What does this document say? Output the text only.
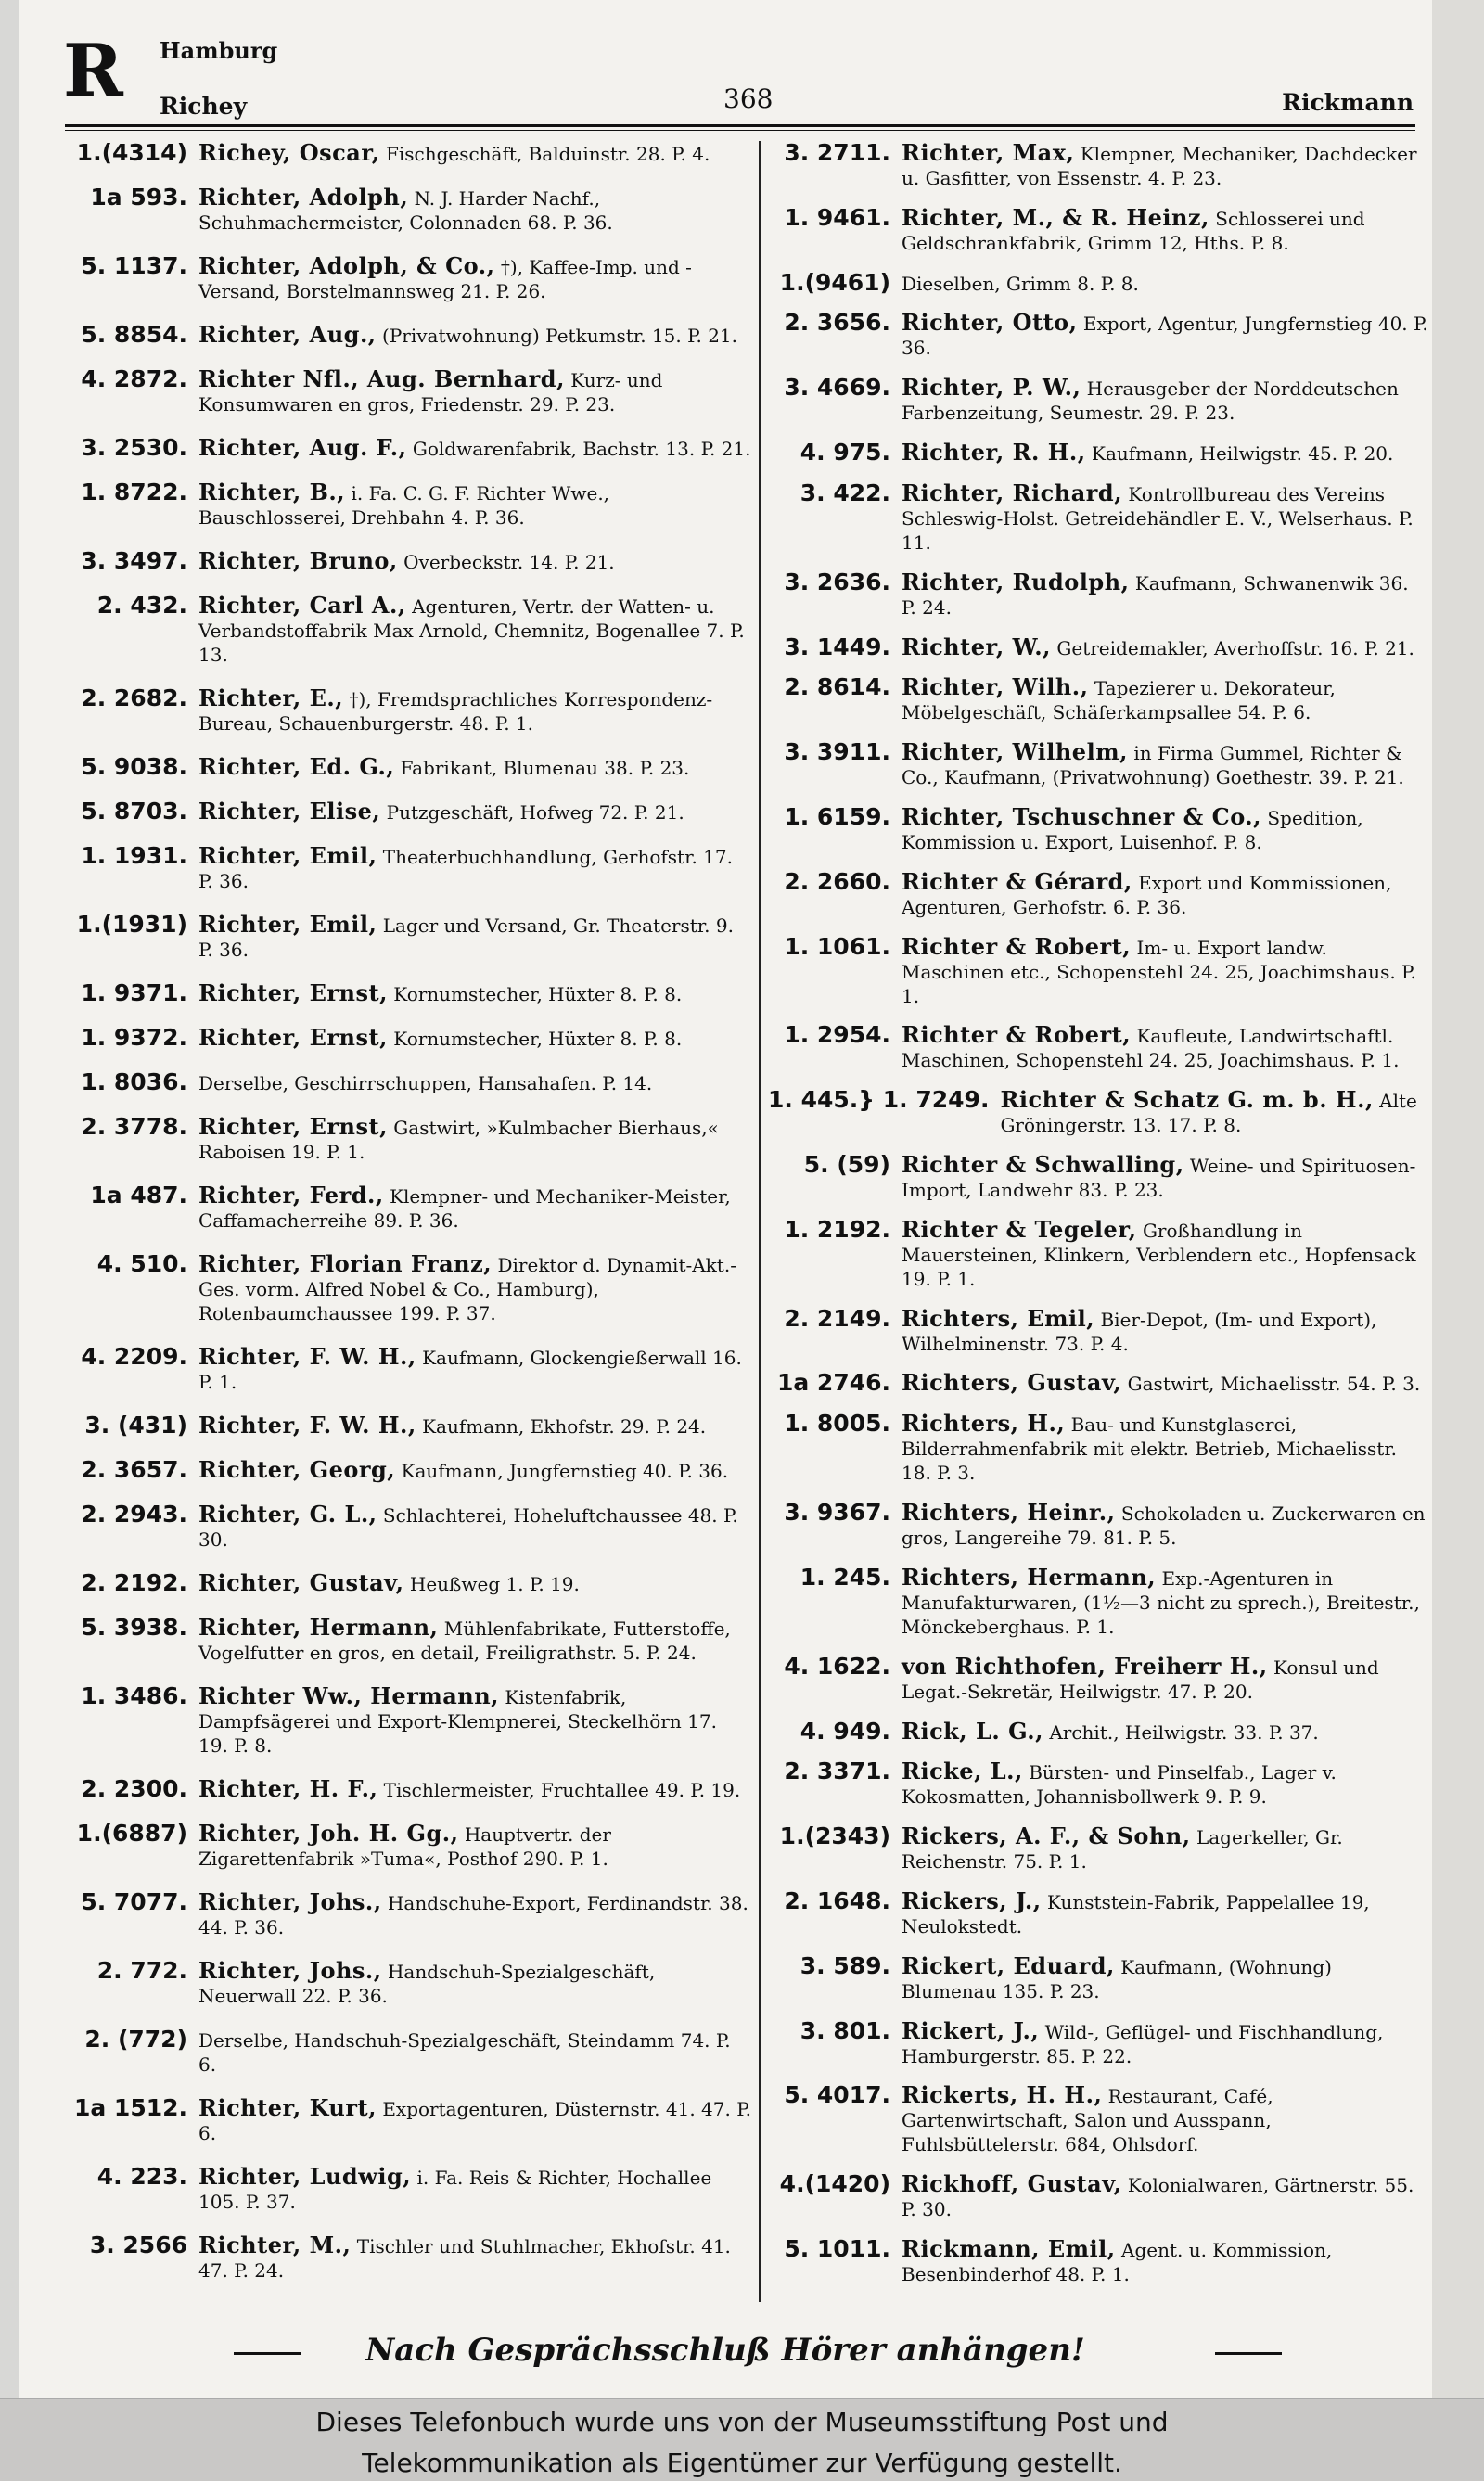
R Hamburg
Richey	368	Rickmann
1.(4314) Richey, Oscar, Fischgeschäft, Balduinstr. 28. P. 4.
1a 593. Richter, Adolph, N. J. Harder Nachf., Schuhmachermeister, Colonnaden 68. P. 36.
5. 1137. Richter, Adolph, & Co., †), Kaffee-Imp. und -Versand, Borstelmannsweg 21. P. 26.
5. 8854. Richter, Aug., (Privatwohnung) Petkumstr. 15. P. 21.
4. 2872. Richter Nfl., Aug. Bernhard, Kurz- und Konsumwaren en gros, Friedenstr. 29. P. 23.
3. 2530. Richter, Aug. F., Goldwarenfabrik, Bachstr. 13. P. 21.
1. 8722. Richter, B., i. Fa. C. G. F. Richter Wwe., Bauschlosserei, Drehbahn 4. P. 36.
3. 3497. Richter, Bruno, Overbeckstr. 14. P. 21.
2. 432. Richter, Carl A., Agenturen, Vertr. der Watten- u. Verbandstoffabrik Max Arnold, Chemnitz, Bogenallee 7. P. 13.
2. 2682. Richter, E., †), Fremdsprachliches Korrespondenz-Bureau, Schauenburgerstr. 48. P. 1.
5. 9038. Richter, Ed. G., Fabrikant, Blumenau 38. P. 23.
5. 8703. Richter, Elise, Putzgeschäft, Hofweg 72. P. 21.
1. 1931. Richter, Emil, Theaterbuchhandlung, Gerhofstr. 17. P. 36.
1.(1931) Richter, Emil, Lager und Versand, Gr. Theaterstr. 9. P. 36.
1. 9371. Richter, Ernst, Kornumstecher, Hüxter 8. P. 8.
1. 9372. Richter, Ernst, Kornumstecher, Hüxter 8. P. 8.
1. 8036. Derselbe, Geschirrschuppen, Hansahafen. P. 14.
2. 3778. Richter, Ernst, Gastwirt, »Kulmbacher Bierhaus,« Raboisen 19. P. 1.
1a 487. Richter, Ferd., Klempner- und Mechaniker-Meister, Caffamacherreihe 89. P. 36.
4. 510. Richter, Florian Franz, Direktor d. Dynamit-Akt.-Ges. vorm. Alfred Nobel & Co., Hamburg), Rotenbaumchaussee 199. P. 37.
4. 2209. Richter, F. W. H., Kaufmann, Glockengießerwall 16. P. 1.
3. (431) Richter, F. W. H., Kaufmann, Ekhofstr. 29. P. 24.
2. 3657. Richter, Georg, Kaufmann, Jungfernstieg 40. P. 36.
2. 2943. Richter, G. L., Schlachterei, Hoheluftchaussee 48. P. 30.
2. 2192. Richter, Gustav, Heußweg 1. P. 19.
5. 3938. Richter, Hermann, Mühlenfabrikate, Futterstoffe, Vogelfutter en gros, en detail, Freiligrathstr. 5. P. 24.
1. 3486. Richter Ww., Hermann, Kistenfabrik, Dampfsägerei und Export-Klempnerei, Steckelhörn 17. 19. P. 8.
2. 2300. Richter, H. F., Tischlermeister, Fruchtallee 49. P. 19.
1.(6887) Richter, Joh. H. Gg., Hauptvertr. der Zigarettenfabrik »Tuma«, Posthof 290. P. 1.
5. 7077. Richter, Johs., Handschuhe-Export, Ferdinandstr. 38. 44. P. 36.
2. 772. Richter, Johs., Handschuh-Spezialgeschäft, Neuerwall 22. P. 36.
2. (772) Derselbe, Handschuh-Spezialgeschäft, Steindamm 74. P. 6.
1a 1512. Richter, Kurt, Exportagenturen, Düsternstr. 41. 47. P. 6.
4. 223. Richter, Ludwig, i. Fa. Reis & Richter, Hochallee 105. P. 37.
3. 2566 Richter, M., Tischler und Stuhlmacher, Ekhofstr. 41. 47. P. 24.
3. 2711. Richter, Max, Klempner, Mechaniker, Dachdecker u. Gasfitter, von Essenstr. 4. P. 23.
1. 9461. Richter, M., & R. Heinz, Schlosserei und Geldschrankfabrik, Grimm 12, Hths. P. 8.
1.(9461) Dieselben, Grimm 8. P. 8.
2. 3656. Richter, Otto, Export, Agentur, Jungfernstieg 40. P. 36.
3. 4669. Richter, P. W., Herausgeber der Norddeutschen Farbenzeitung, Seumestr. 29. P. 23.
4. 975. Richter, R. H., Kaufmann, Heilwigstr. 45. P. 20.
3. 422. Richter, Richard, Kontrollbureau des Vereins Schleswig-Holst. Getreidehändler E. V., Welserhaus. P. 11.
3. 2636. Richter, Rudolph, Kaufmann, Schwanenwik 36. P. 24.
3. 1449. Richter, W., Getreidemakler, Averhoffstr. 16. P. 21.
2. 8614. Richter, Wilh., Tapezierer u. Dekorateur, Möbelgeschäft, Schäferkampsallee 54. P. 6.
3. 3911. Richter, Wilhelm, in Firma Gummel, Richter & Co., Kaufmann, (Privatwohnung) Goethestr. 39. P. 21.
1. 6159. Richter, Tschuschner & Co., Spedition, Kommission u. Export, Luisenhof. P. 8.
2. 2660. Richter & Gérard, Export und Kommissionen, Agenturen, Gerhofstr. 6. P. 36.
1. 1061. Richter & Robert, Im- u. Export landw. Maschinen etc., Schopenstehl 24. 25, Joachimshaus. P. 1.
1. 2954. Richter & Robert, Kaufleute, Landwirtschaftl. Maschinen, Schopenstehl 24. 25, Joachimshaus. P. 1.
1. 445.} 1. 7249. Richter & Schatz G. m. b. H., Alte Gröningerstr. 13. 17. P. 8.
5. (59) Richter & Schwalling, Weine- und Spirituosen-Import, Landwehr 83. P. 23.
1. 2192. Richter & Tegeler, Großhandlung in Mauersteinen, Klinkern, Verblendern etc., Hopfensack 19. P. 1.
2. 2149. Richters, Emil, Bier-Depot, (Im- und Export), Wilhelminenstr. 73. P. 4.
1a 2746. Richters, Gustav, Gastwirt, Michaelisstr. 54. P. 3.
1. 8005. Richters, H., Bau- und Kunstglaserei, Bilderrahmenfabrik mit elektr. Betrieb, Michaelisstr. 18. P. 3.
3. 9367. Richters, Heinr., Schokoladen u. Zuckerwaren en gros, Langereihe 79. 81. P. 5.
1. 245. Richters, Hermann, Exp.-Agenturen in Manufakturwaren, (1½—3 nicht zu sprech.), Breitestr., Mönckeberghaus. P. 1.
4. 1622. von Richthofen, Freiherr H., Konsul und Legat.-Sekretär, Heilwigstr. 47. P. 20.
4. 949. Rick, L. G., Archit., Heilwigstr. 33. P. 37.
2. 3371. Ricke, L., Bürsten- und Pinselfab., Lager v. Kokosmatten, Johannisbollwerk 9. P. 9.
1.(2343) Rickers, A. F., & Sohn, Lagerkeller, Gr. Reichenstr. 75. P. 1.
2. 1648. Rickers, J., Kunststein-Fabrik, Pappelallee 19, Neulokstedt.
3. 589. Rickert, Eduard, Kaufmann, (Wohnung) Blumenau 135. P. 23.
3. 801. Rickert, J., Wild-, Geflügel- und Fischhandlung, Hamburgerstr. 85. P. 22.
5. 4017. Rickerts, H. H., Restaurant, Café, Gartenwirtschaft, Salon und Ausspann, Fuhlsbüttelerstr. 684, Ohlsdorf.
4.(1420) Rickhoff, Gustav, Kolonialwaren, Gärtnerstr. 55. P. 30.
5. 1011. Rickmann, Emil, Agent. u. Kommission, Besenbinderhof 48. P. 1.
Nach Gesprächsschluß Hörer anhängen!

Dieses Telefonbuch wurde uns von der Museumsstiftung Post und

Telekommunikation als Eigentümer zur Verfügung gestellt.
